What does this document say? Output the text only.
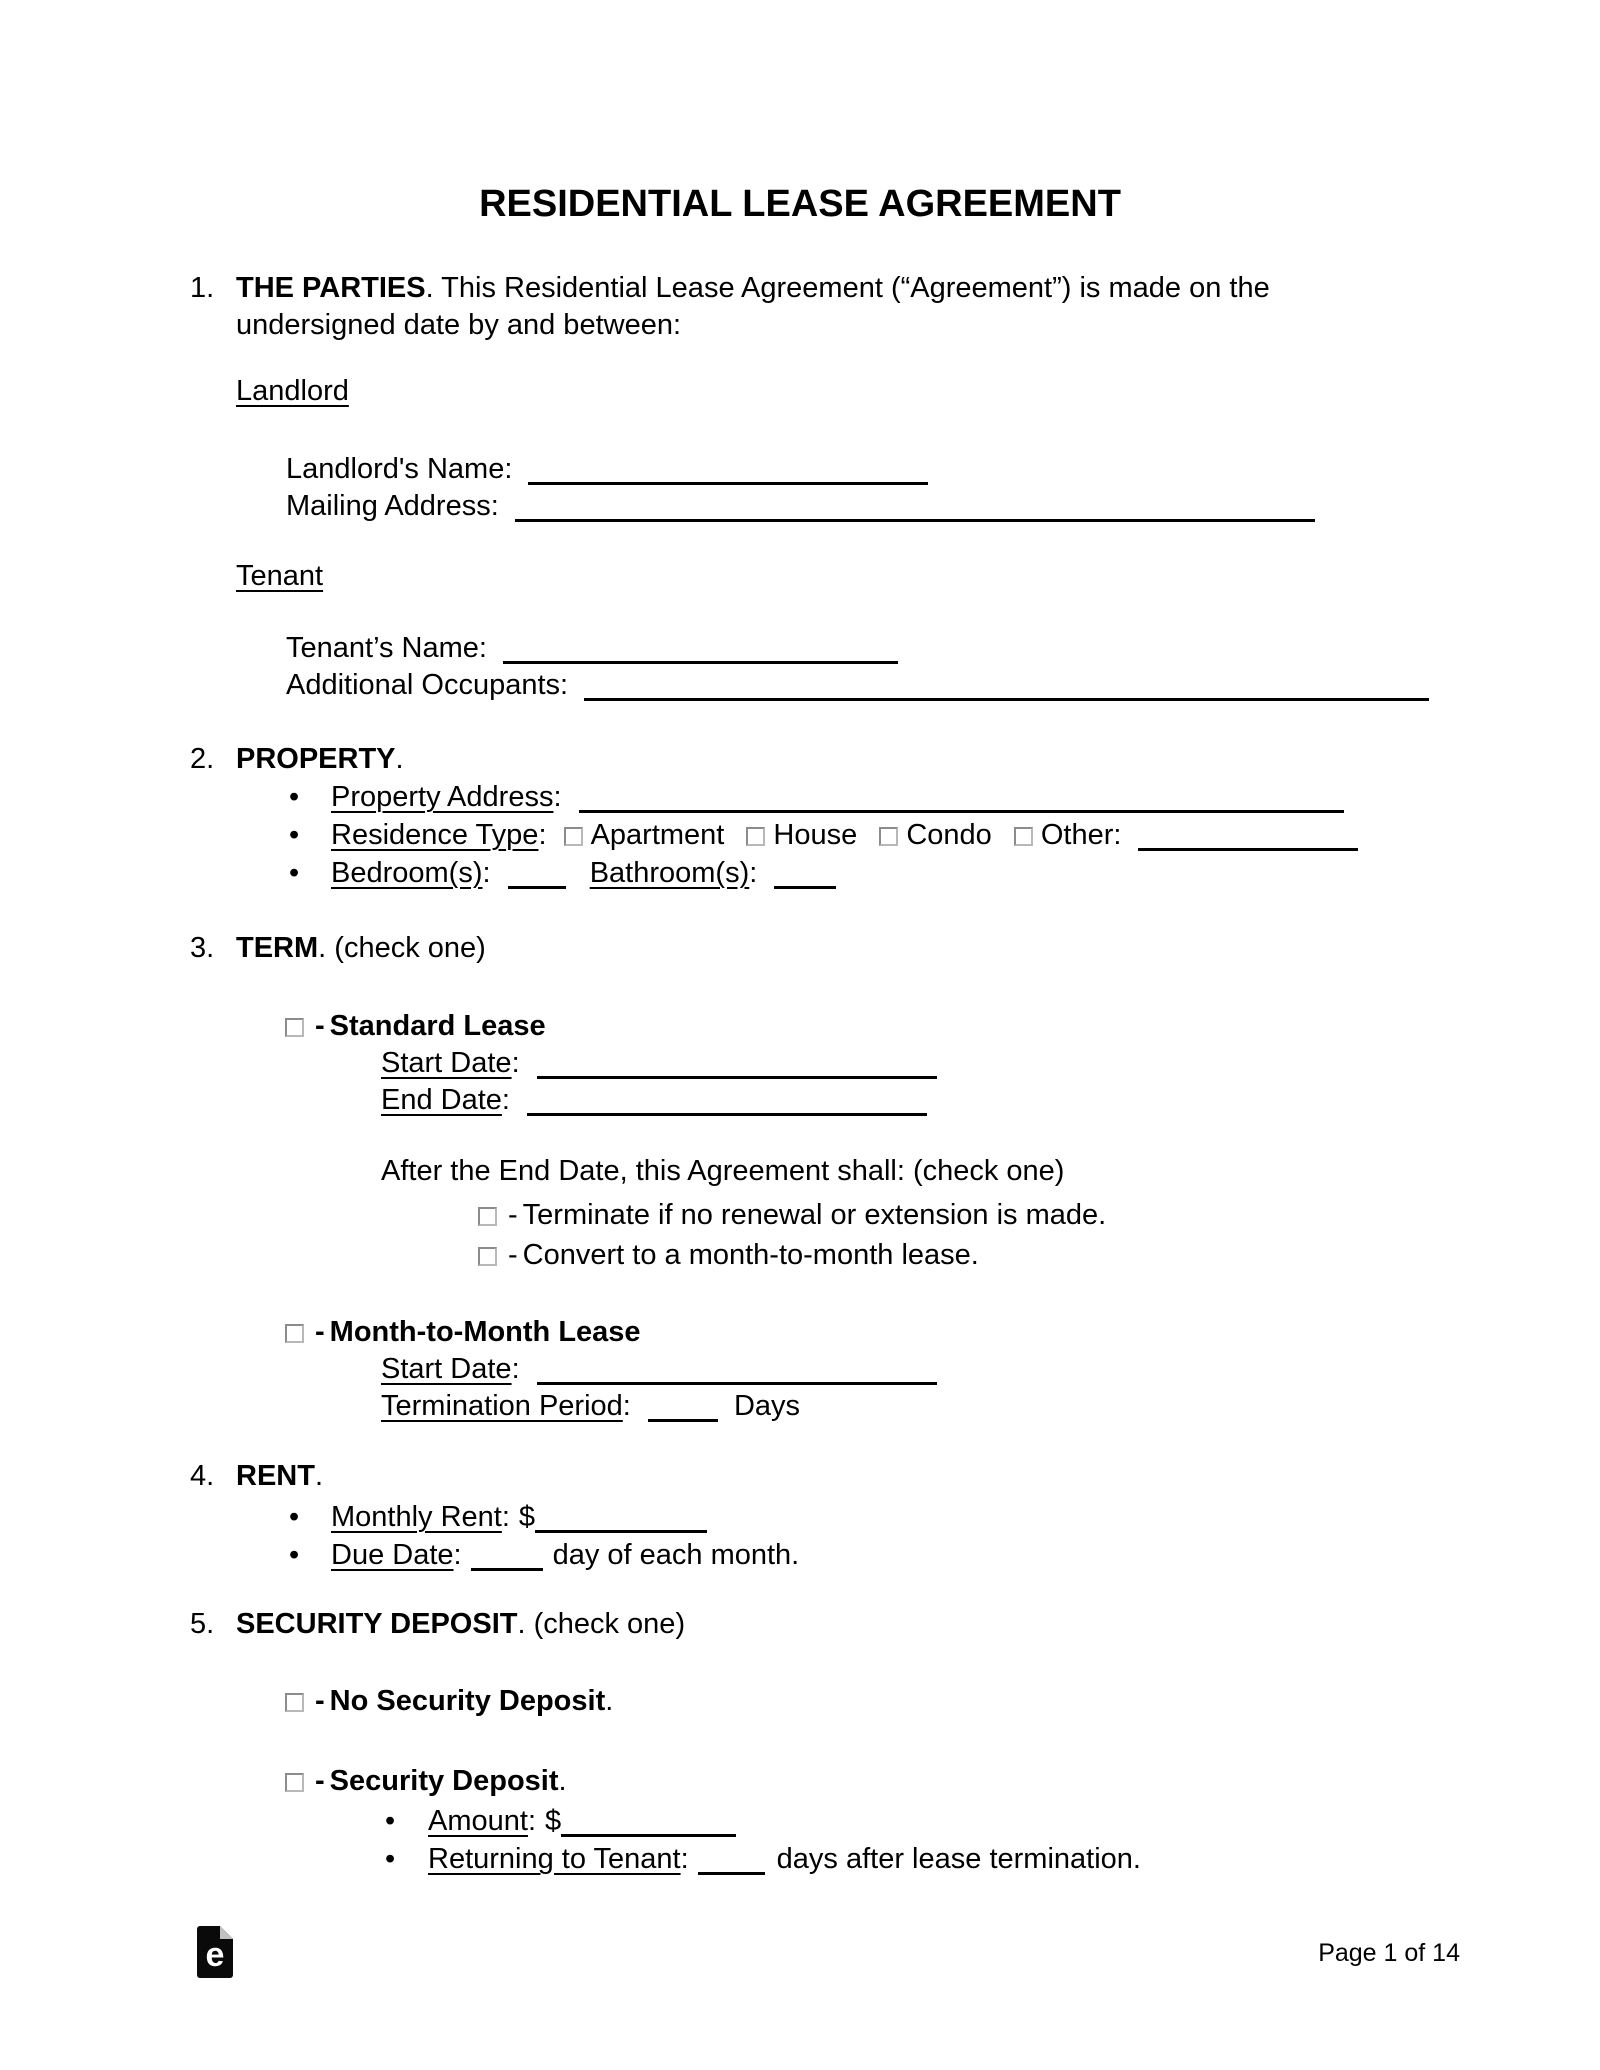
RESIDENTIAL LEASE AGREEMENT
1. THE PARTIES. This Residential Lease Agreement (“Agreement”) is made on the undersigned date by and between:
Landlord
Landlord's Name:
Mailing Address:
Tenant
Tenant’s Name:
Additional Occupants:
2. PROPERTY.
• Property Address:
• Residence Type: Apartment House Condo Other:
• Bedroom(s):	Bathroom(s):
3. TERM. (check one)
- Standard Lease
Start Date:
End Date:
After the End Date, this Agreement shall: (check one)
- Terminate if no renewal or extension is made.
- Convert to a month-to-month lease.
- Month-to-Month Lease
Start Date:
Termination Period:	Days
4. RENT.
• Monthly Rent: $
• Due Date:	day of each month.
5. SECURITY DEPOSIT. (check one)
- No Security Deposit.
- Security Deposit.
• Amount: $
• Returning to Tenant:	days after lease termination.
e	Page 1 of 14
